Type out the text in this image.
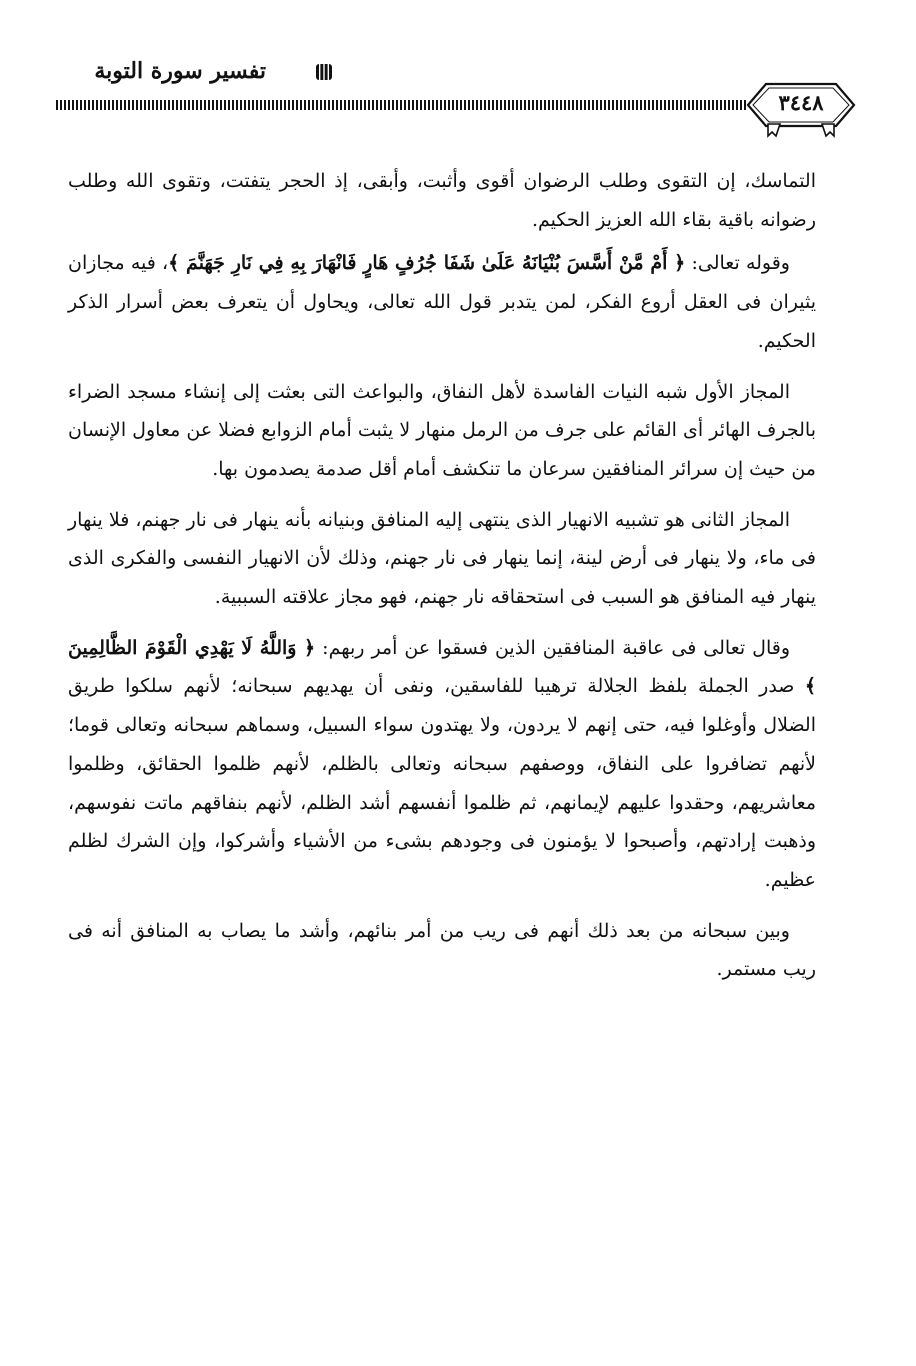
تفسير سورة التوبة
٣٤٤٨

التماسك، إن التقوى وطلب الرضوان أقوى وأثبت، وأبقى، إذ الحجر يتفتت، وتقوى الله وطلب رضوانه باقية بقاء الله العزيز الحكيم.

وقوله تعالى: ﴿ أَمْ مَّنْ أَسَّسَ بُنْيَانَهُ عَلَىٰ شَفَا جُرُفٍ هَارٍ فَانْهَارَ بِهِ فِي نَارِ جَهَنَّمَ ﴾، فيه مجازان يثيران فى العقل أروع الفكر، لمن يتدبر قول الله تعالى، ويحاول أن يتعرف بعض أسرار الذكر الحكيم.

المجاز الأول شبه النيات الفاسدة لأهل النفاق، والبواعث التى بعثت إلى إنشاء مسجد الضراء بالجرف الهائر أى القائم على جرف من الرمل منهار لا يثبت أمام الزوابع فضلا عن معاول الإنسان من حيث إن سرائر المنافقين سرعان ما تنكشف أمام أقل صدمة يصدمون بها.

المجاز الثانى هو تشبيه الانهيار الذى ينتهى إليه المنافق وبنيانه بأنه ينهار فى نار جهنم، فلا ينهار فى ماء، ولا ينهار فى أرض لينة، إنما ينهار فى نار جهنم، وذلك لأن الانهيار النفسى والفكرى الذى ينهار فيه المنافق هو السبب فى استحقاقه نار جهنم، فهو مجاز علاقته السببية.

وقال تعالى فى عاقبة المنافقين الذين فسقوا عن أمر ربهم: ﴿ وَاللَّهُ لَا يَهْدِي الْقَوْمَ الظَّالِمِينَ ﴾ صدر الجملة بلفظ الجلالة ترهيبا للفاسقين، ونفى أن يهديهم سبحانه؛ لأنهم سلكوا طريق الضلال وأوغلوا فيه، حتى إنهم لا يردون، ولا يهتدون سواء السبيل، وسماهم سبحانه وتعالى قوما؛ لأنهم تضافروا على النفاق، ووصفهم سبحانه وتعالى بالظلم، لأنهم ظلموا الحقائق، وظلموا معاشريهم، وحقدوا عليهم لإيمانهم، ثم ظلموا أنفسهم أشد الظلم، لأنهم بنفاقهم ماتت نفوسهم، وذهبت إرادتهم، وأصبحوا لا يؤمنون فى وجودهم بشىء من الأشياء وأشركوا، وإن الشرك لظلم عظيم.

وبين سبحانه من بعد ذلك أنهم فى ريب من أمر بنائهم، وأشد ما يصاب به المنافق أنه فى ريب مستمر.
